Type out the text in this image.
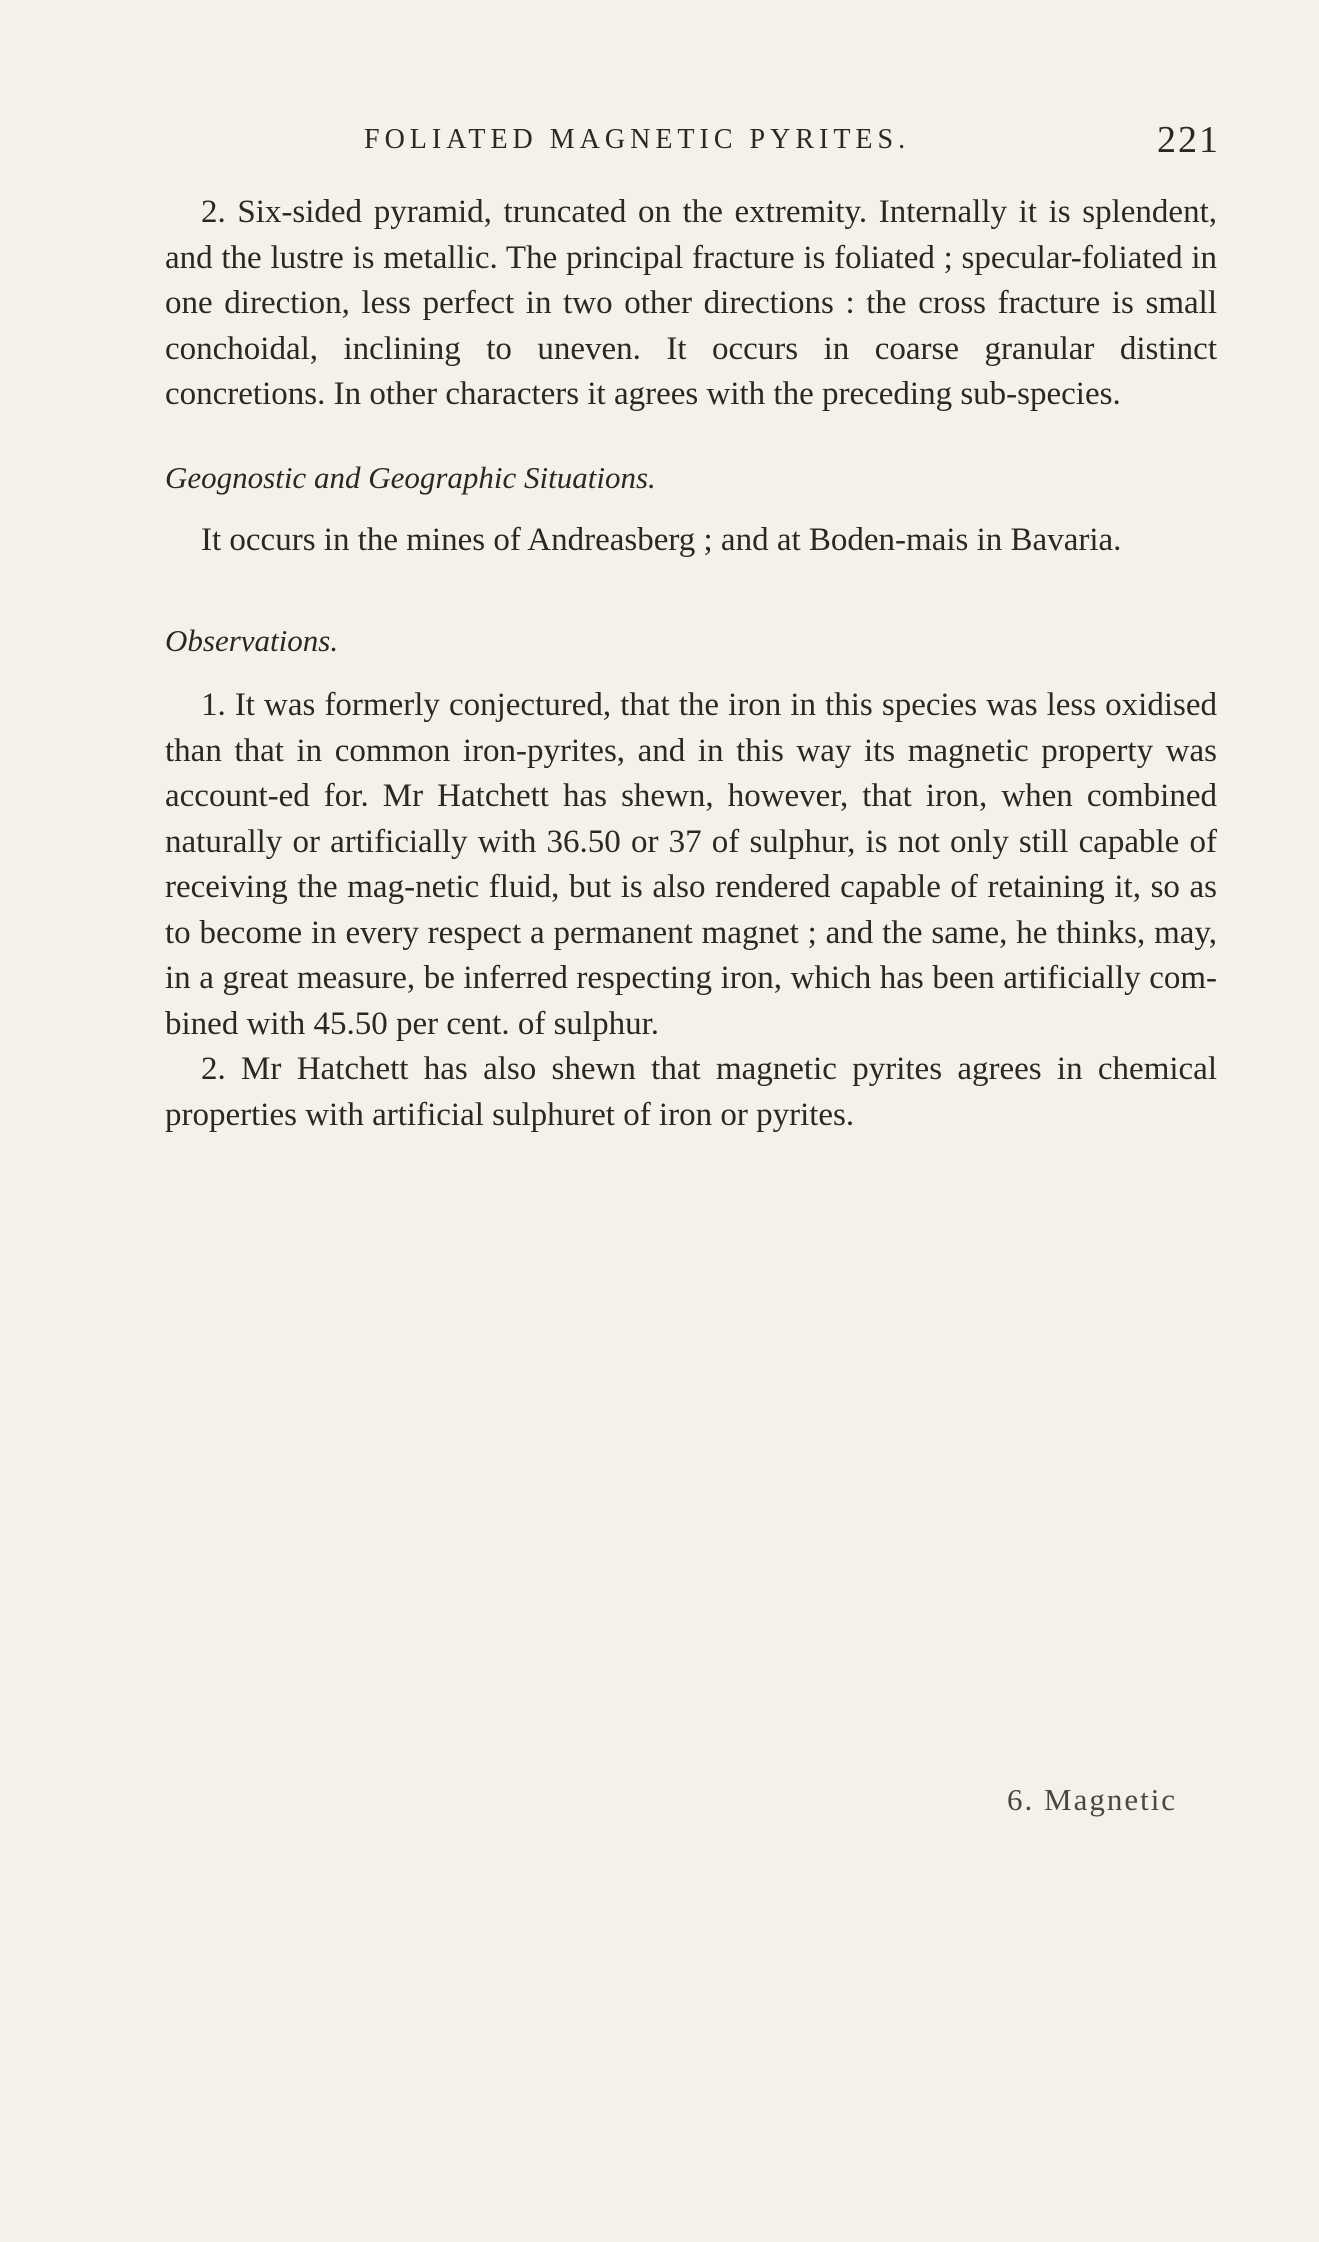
FOLIATED MAGNETIC PYRITES.	221

2. Six-sided pyramid, truncated on the extremity. Internally it is splendent, and the lustre is metallic. The principal fracture is foliated ; specular-foliated in one direction, less perfect in two other directions : the cross fracture is small conchoidal, inclining to uneven. It occurs in coarse granular distinct concretions. In other characters it agrees with the preceding sub-species.

Geognostic and Geographic Situations.

It occurs in the mines of Andreasberg ; and at Boden-mais in Bavaria.

Observations.

1. It was formerly conjectured, that the iron in this species was less oxidised than that in common iron-pyrites, and in this way its magnetic property was account-ed for. Mr Hatchett has shewn, however, that iron, when combined naturally or artificially with 36.50 or 37 of sulphur, is not only still capable of receiving the mag-netic fluid, but is also rendered capable of retaining it, so as to become in every respect a permanent magnet ; and the same, he thinks, may, in a great measure, be inferred respecting iron, which has been artificially com-bined with 45.50 per cent. of sulphur.

2. Mr Hatchett has also shewn that magnetic pyrites agrees in chemical properties with artificial sulphuret of iron or pyrites.

6. Magnetic
